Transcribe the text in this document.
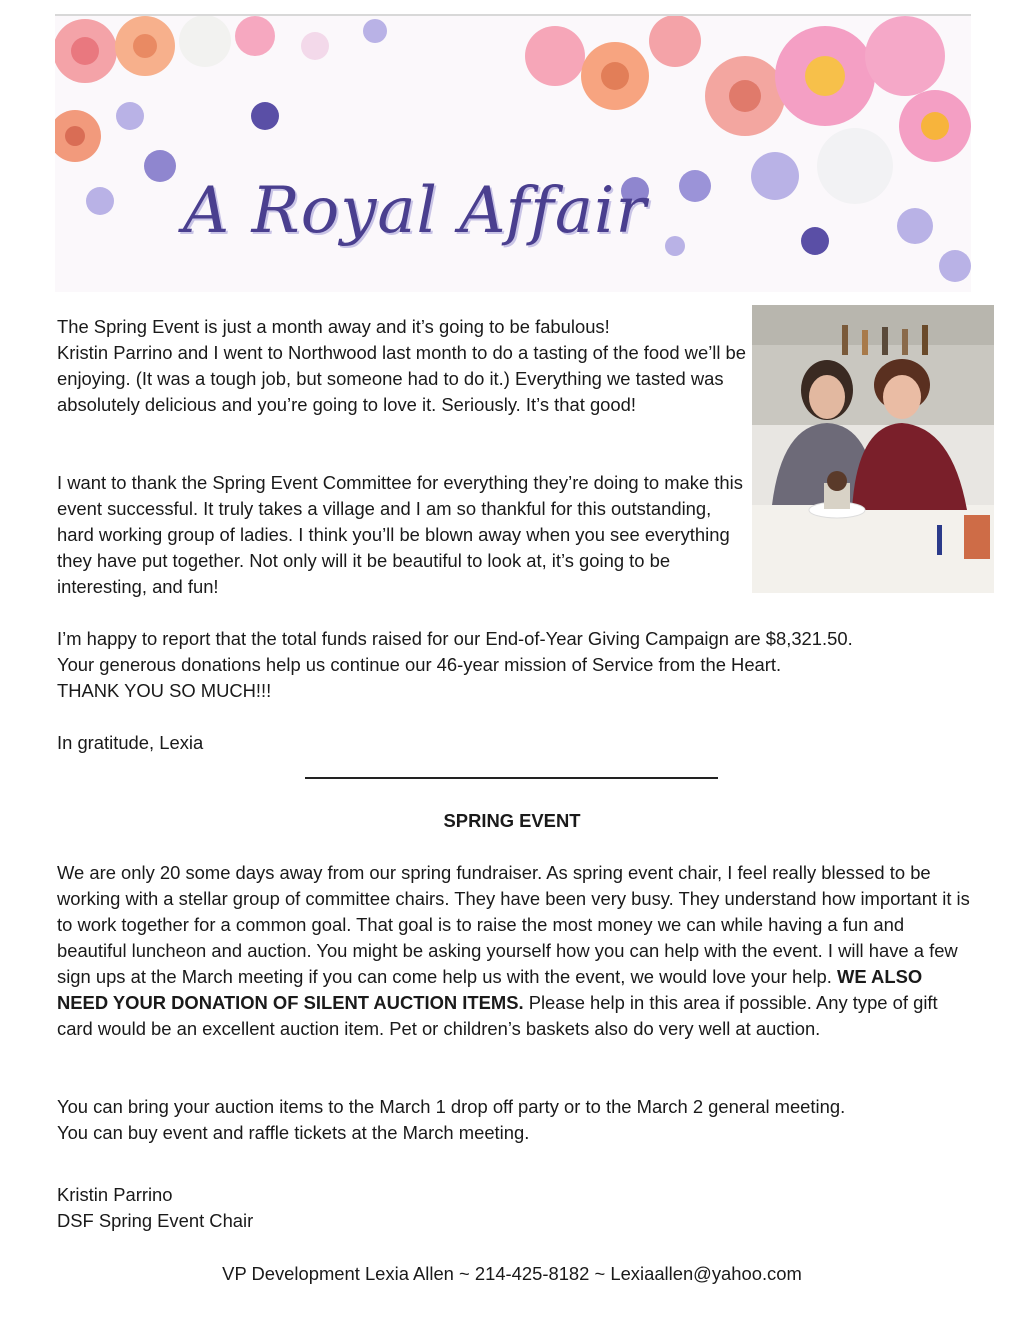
A Royal Affair

The Spring Event is just a month away and it’s going to be fabulous!

Kristin Parrino and I went to Northwood last month to do a tasting of the food we’ll be enjoying. (It was a tough job, but someone had to do it.) Everything we tasted was absolutely delicious and you’re going to love it. Seriously. It’s that good!

I want to thank the Spring Event Committee for everything they’re doing to make this event successful. It truly takes a village and I am so thankful for this outstanding, hard working group of ladies. I think you’ll be blown away when you see everything they have put together. Not only will it be beautiful to look at, it’s going to be interesting, and fun!

I’m happy to report that the total funds raised for our End-of-Year Giving Campaign are $8,321.50.

Your generous donations help us continue our 46-year mission of Service from the Heart.

THANK YOU SO MUCH!!!

In gratitude, Lexia

SPRING EVENT

We are only 20 some days away from our spring fundraiser. As spring event chair, I feel really blessed to be working with a stellar group of committee chairs. They have been very busy. They understand how important it is to work together for a common goal. That goal is to raise the most money we can while having a fun and beautiful luncheon and auction. You might be asking yourself how you can help with the event. I will have a few sign ups at the March meeting if you can come help us with the event, we would love your help. WE ALSO NEED YOUR DONATION OF SILENT AUCTION ITEMS. Please help in this area if possible. Any type of gift card would be an excellent auction item. Pet or children’s baskets also do very well at auction.

You can bring your auction items to the March 1 drop off party or to the March 2 general meeting.

You can buy event and raffle tickets at the March meeting.

Kristin Parrino

DSF Spring Event Chair

VP Development Lexia Allen ~ 214-425-8182 ~ Lexiaallen@yahoo.com
